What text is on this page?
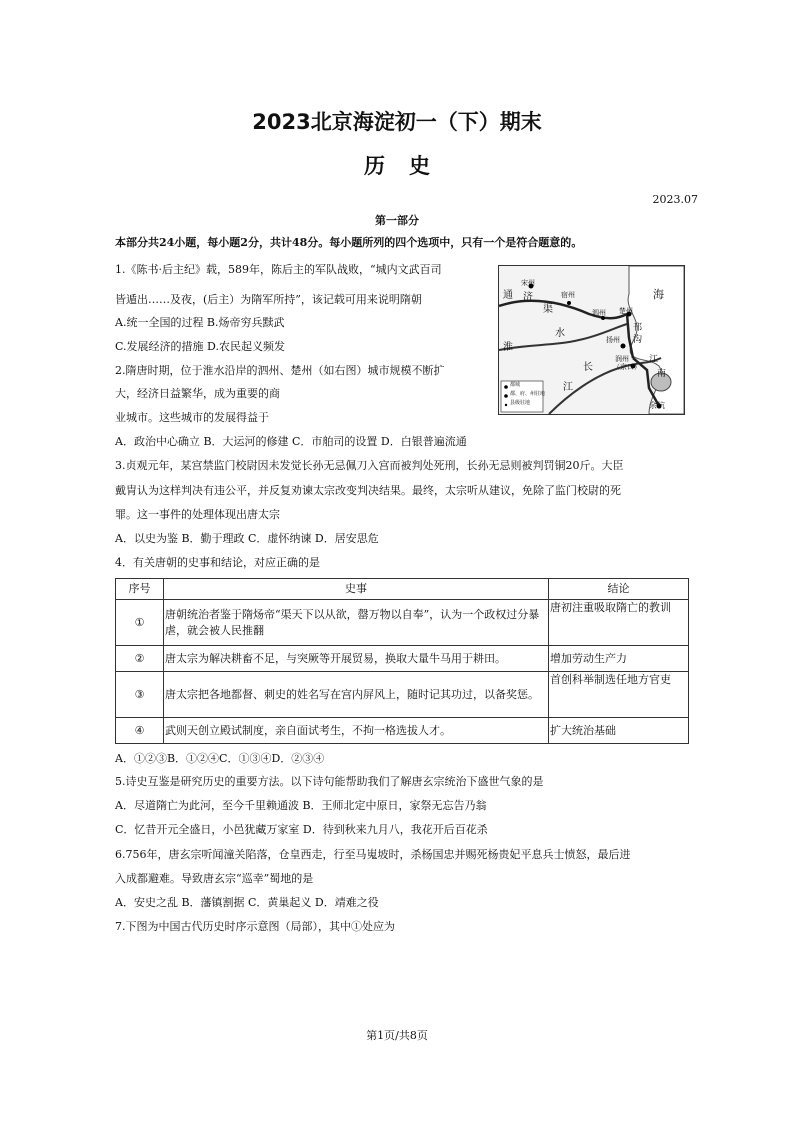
2023北京海淀初一（下）期末
历史
2023.07
第一部分
本部分共24小题，每小题2分，共计48分。每小题所列的四个选项中，只有一个是符合题意的。
1.《陈书·后主纪》载，589年，陈后主的军队战败，“城内文武百司
皆遁出……及夜，(后主）为隋军所持”，该记载可用来说明隋朝
A.统一全国的过程 B.炀帝穷兵黩武
C.发展经济的措施 D.农民起义频发
2.隋唐时期，位于淮水沿岸的泗州、楚州（如右图）城市规模不断扩
大，经济日益繁华，成为重要的商
业城市。这些城市的发展得益于
A．政治中心确立 B．大运河的修建 C．市舶司的设置 D．白银普遍流通
宋州
宿州
泗州 楚州
扬州
润州
（京口）
余杭
海
淮
通 济
渠
水
长
江
邗
沟
江
南
都城
都、府、州驻地
县级驻地
3.贞观元年，某宫禁监门校尉因未发觉长孙无忌佩刀入宫而被判处死刑，长孙无忌则被判罚铜20斤。大臣
戴胄认为这样判决有违公平，并反复劝谏太宗改变判决结果。最终，太宗听从建议，免除了监门校尉的死
罪。这一事件的处理体现出唐太宗
A．以史为鉴 B．勤于理政 C．虚怀纳谏 D．居安思危
4．有关唐朝的史事和结论，对应正确的是
序号	史事	结论
①	唐朝统治者鉴于隋炀帝“渠天下以从欲，罄万物以自奉”，认为一个政权过分暴虐，就会被人民推翻	唐初注重吸取隋亡的教训
②	唐太宗为解决耕畜不足，与突厥等开展贸易，换取大量牛马用于耕田。	增加劳动生产力
③	唐太宗把各地都督、刺史的姓名写在宫内屏风上，随时记其功过，以备奖惩。	首创科举制选任地方官吏
④	武则天创立殿试制度，亲自面试考生，不拘一格选拔人才。	扩大统治基础
A．①②③B．①②④C．①③④D．②③④
5.诗史互鉴是研究历史的重要方法。以下诗句能帮助我们了解唐玄宗统治下盛世气象的是
A．尽道隋亡为此河，至今千里赖通波 B．王师北定中原日，家祭无忘告乃翁
C．忆昔开元全盛日，小邑犹藏万家室 D．待到秋来九月八，我花开后百花杀
6.756年，唐玄宗听闻潼关陷落，仓皇西走，行至马嵬坡时，杀杨国忠并赐死杨贵妃平息兵士愤怒，最后进
入成都避难。导致唐玄宗“巡幸”蜀地的是
A．安史之乱 B．藩镇割据 C．黄巢起义 D．靖难之役
7.下图为中国古代历史时序示意图（局部），其中①处应为
第1页/共8页
